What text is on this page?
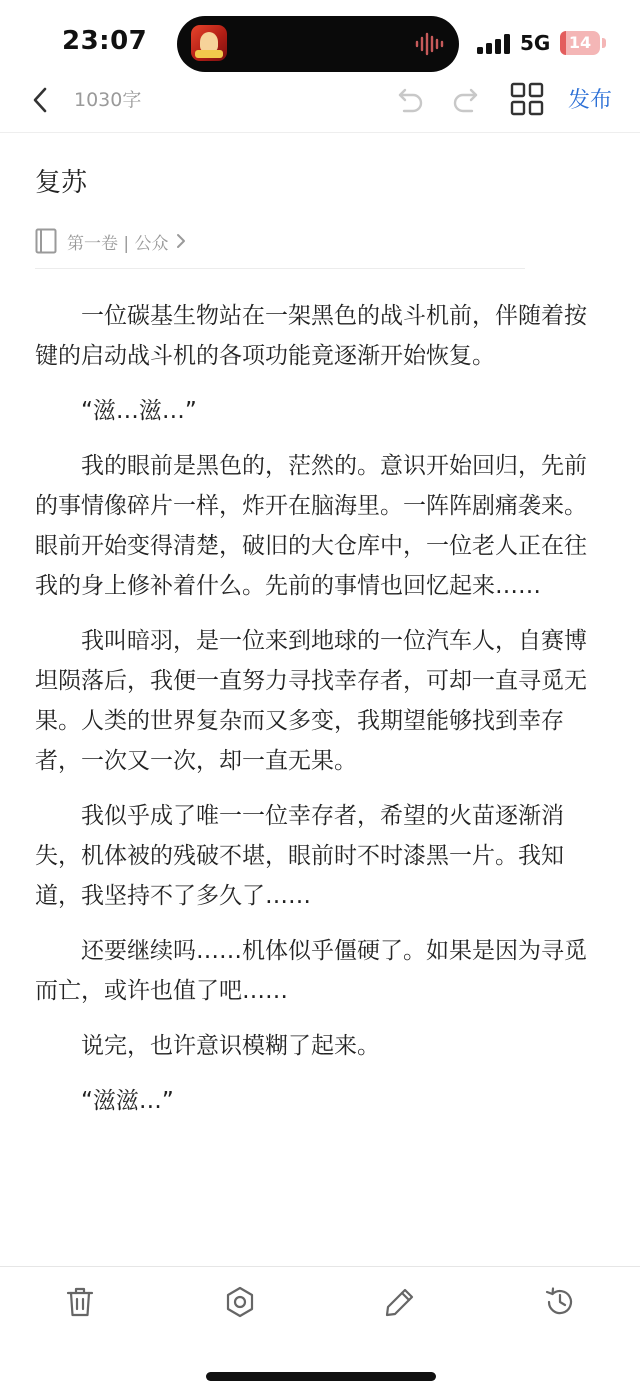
23:07	5G	14
1030字	发布
复苏
第一卷 | 公众

一位碳基生物站在一架黑色的战斗机前，伴随着按键的启动战斗机的各项功能竟逐渐开始恢复。

“滋…滋…”

我的眼前是黑色的，茫然的。意识开始回归，先前的事情像碎片一样，炸开在脑海里。一阵阵剧痛袭来。眼前开始变得清楚，破旧的大仓库中，一位老人正在往我的身上修补着什么。先前的事情也回忆起来……

我叫暗羽，是一位来到地球的一位汽车人，自赛博坦陨落后，我便一直努力寻找幸存者，可却一直寻觅无果。人类的世界复杂而又多变，我期望能够找到幸存者，一次又一次，却一直无果。

我似乎成了唯一一位幸存者，希望的火苗逐渐消失，机体被的残破不堪，眼前时不时漆黑一片。我知道，我坚持不了多久了……

还要继续吗……机体似乎僵硬了。如果是因为寻觅而亡，或许也值了吧……

说完，也许意识模糊了起来。

“滋滋…”
